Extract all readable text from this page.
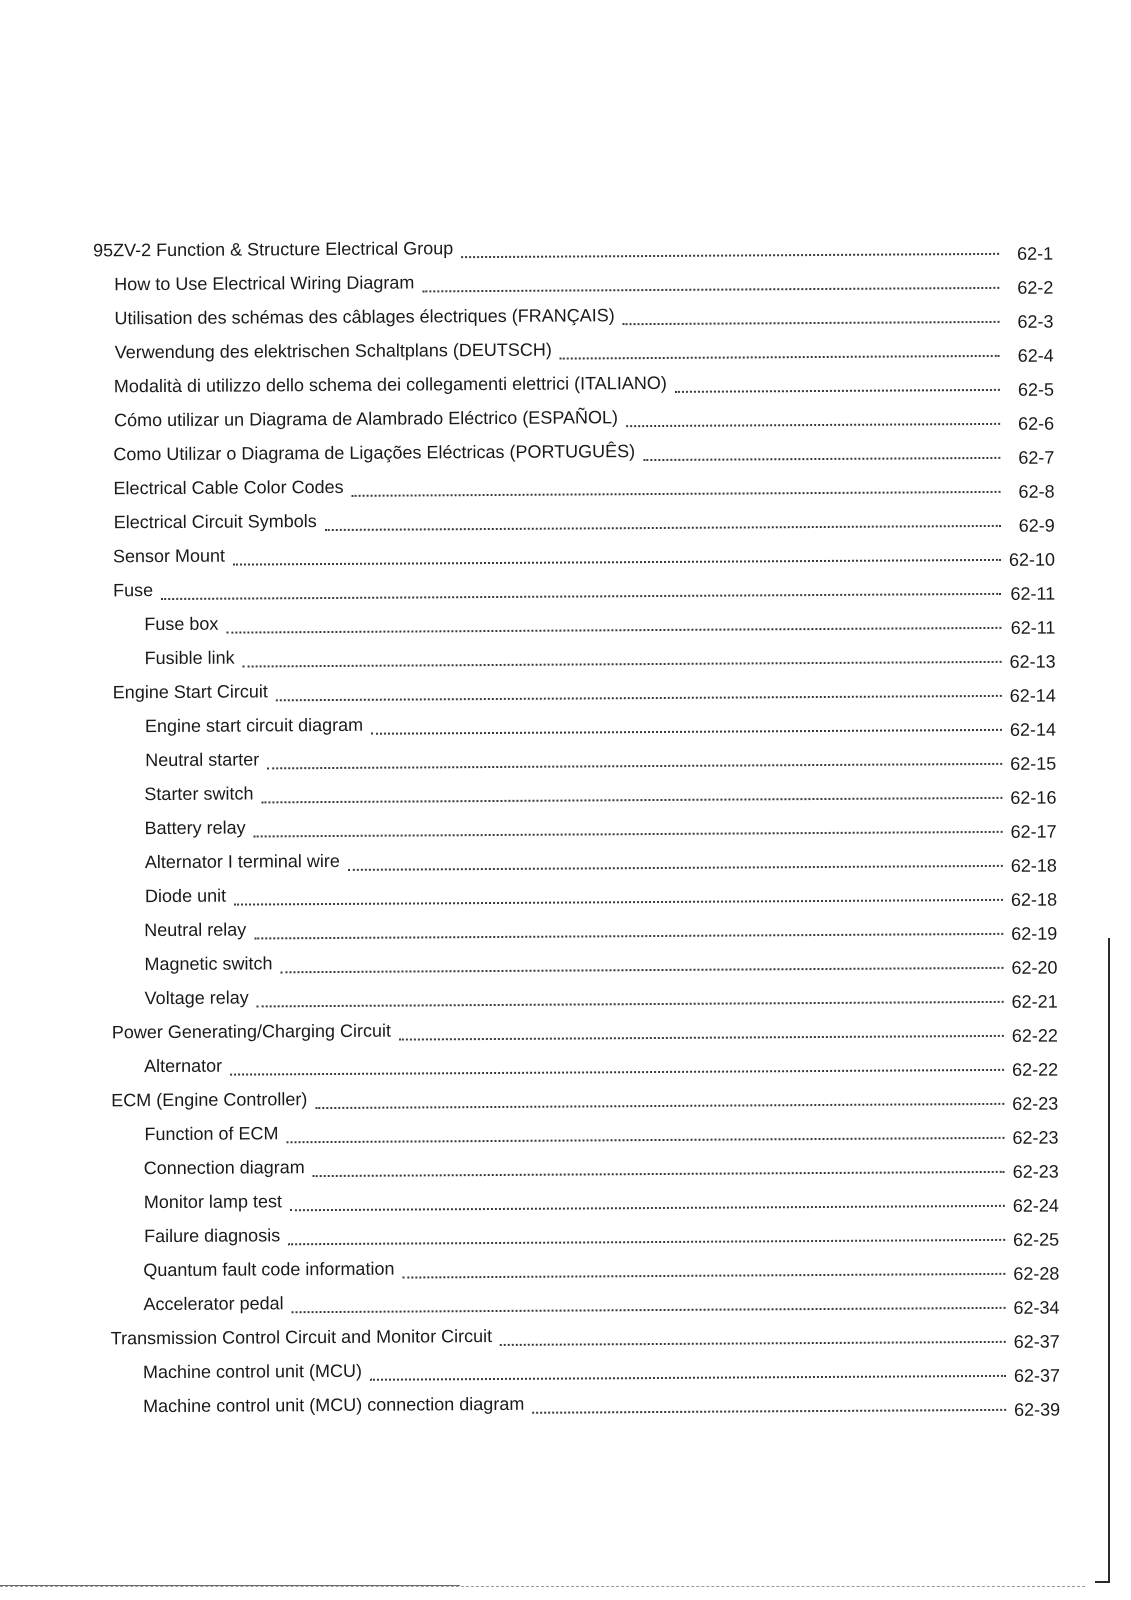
95ZV-2 Function & Structure Electrical Group	62-1
How to Use Electrical Wiring Diagram	62-2
Utilisation des schémas des câblages électriques (FRANÇAIS)	62-3
Verwendung des elektrischen Schaltplans (DEUTSCH)	62-4
Modalità di utilizzo dello schema dei collegamenti elettrici (ITALIANO)	62-5
Cómo utilizar un Diagrama de Alambrado Eléctrico (ESPAÑOL)	62-6
Como Utilizar o Diagrama de Ligações Eléctricas (PORTUGUÊS)	62-7
Electrical Cable Color Codes	62-8
Electrical Circuit Symbols	62-9
Sensor Mount	62-10
Fuse	62-11
Fuse box	62-11
Fusible link	62-13
Engine Start Circuit	62-14
Engine start circuit diagram	62-14
Neutral starter	62-15
Starter switch	62-16
Battery relay	62-17
Alternator I terminal wire	62-18
Diode unit	62-18
Neutral relay	62-19
Magnetic switch	62-20
Voltage relay	62-21
Power Generating/Charging Circuit	62-22
Alternator	62-22
ECM (Engine Controller)	62-23
Function of ECM	62-23
Connection diagram	62-23
Monitor lamp test	62-24
Failure diagnosis	62-25
Quantum fault code information	62-28
Accelerator pedal	62-34
Transmission Control Circuit and Monitor Circuit	62-37
Machine control unit (MCU)	62-37
Machine control unit (MCU) connection diagram	62-39
